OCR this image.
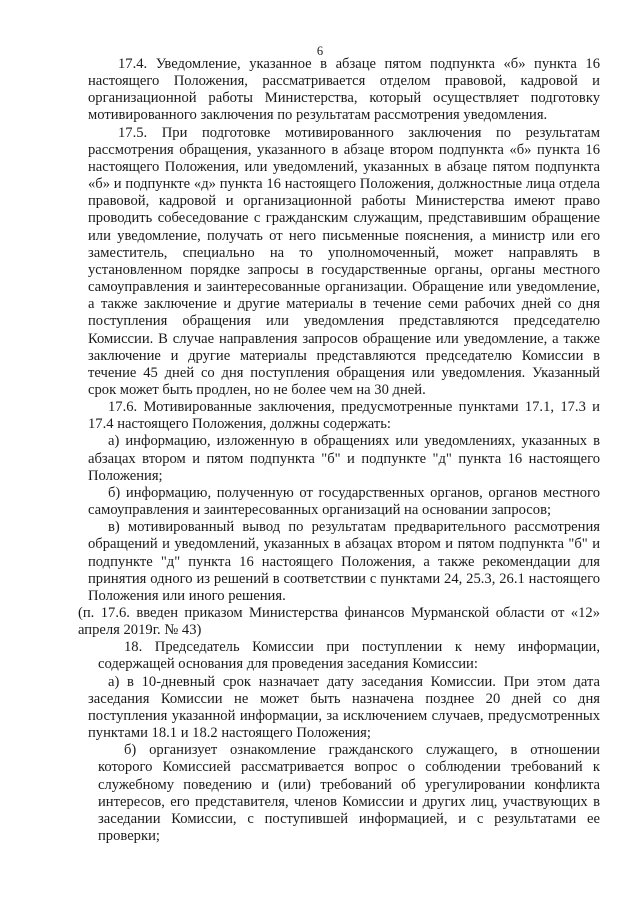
6

17.4. Уведомление, указанное в абзаце пятом подпункта «б» пункта 16 настоящего Положения, рассматривается отделом правовой, кадровой и организационной работы Министерства, который осуществляет подготовку мотивированного заключения по результатам рассмотрения уведомления.

17.5. При подготовке мотивированного заключения по результатам рассмотрения обращения, указанного в абзаце втором подпункта «б» пункта 16 настоящего Положения, или уведомлений, указанных в абзаце пятом подпункта «б» и подпункте «д» пункта 16 настоящего Положения, должностные лица отдела правовой, кадровой и организационной работы Министерства имеют право проводить собеседование с гражданским служащим, представившим обращение или уведомление, получать от него письменные пояснения, а министр или его заместитель, специально на то уполномоченный, может направлять в установленном порядке запросы в государственные органы, органы местного самоуправления и заинтересованные организации. Обращение или уведомление, а также заключение и другие материалы в течение семи рабочих дней со дня поступления обращения или уведомления представляются председателю Комиссии. В случае направления запросов обращение или уведомление, а также заключение и другие материалы представляются председателю Комиссии в течение 45 дней со дня поступления обращения или уведомления. Указанный срок может быть продлен, но не более чем на 30 дней.

17.6. Мотивированные заключения, предусмотренные пунктами 17.1, 17.3 и 17.4 настоящего Положения, должны содержать:

а) информацию, изложенную в обращениях или уведомлениях, указанных в абзацах втором и пятом подпункта "б" и подпункте "д" пункта 16 настоящего Положения;

б) информацию, полученную от государственных органов, органов местного самоуправления и заинтересованных организаций на основании запросов;

в) мотивированный вывод по результатам предварительного рассмотрения обращений и уведомлений, указанных в абзацах втором и пятом подпункта "б" и подпункте "д" пункта 16 настоящего Положения, а также рекомендации для принятия одного из решений в соответствии с пунктами 24, 25.3, 26.1 настоящего Положения или иного решения.

(п. 17.6. введен приказом Министерства финансов Мурманской области от «12» апреля 2019г. № 43)

18. Председатель Комиссии при поступлении к нему информации, содержащей основания для проведения заседания Комиссии:

а) в 10-дневный срок назначает дату заседания Комиссии. При этом дата заседания Комиссии не может быть назначена позднее 20 дней со дня поступления указанной информации, за исключением случаев, предусмотренных пунктами 18.1 и 18.2 настоящего Положения;

б) организует ознакомление гражданского служащего, в отношении которого Комиссией рассматривается вопрос о соблюдении требований к служебному поведению и (или) требований об урегулировании конфликта интересов, его представителя, членов Комиссии и других лиц, участвующих в заседании Комиссии, с поступившей информацией, и с результатами ее проверки;
